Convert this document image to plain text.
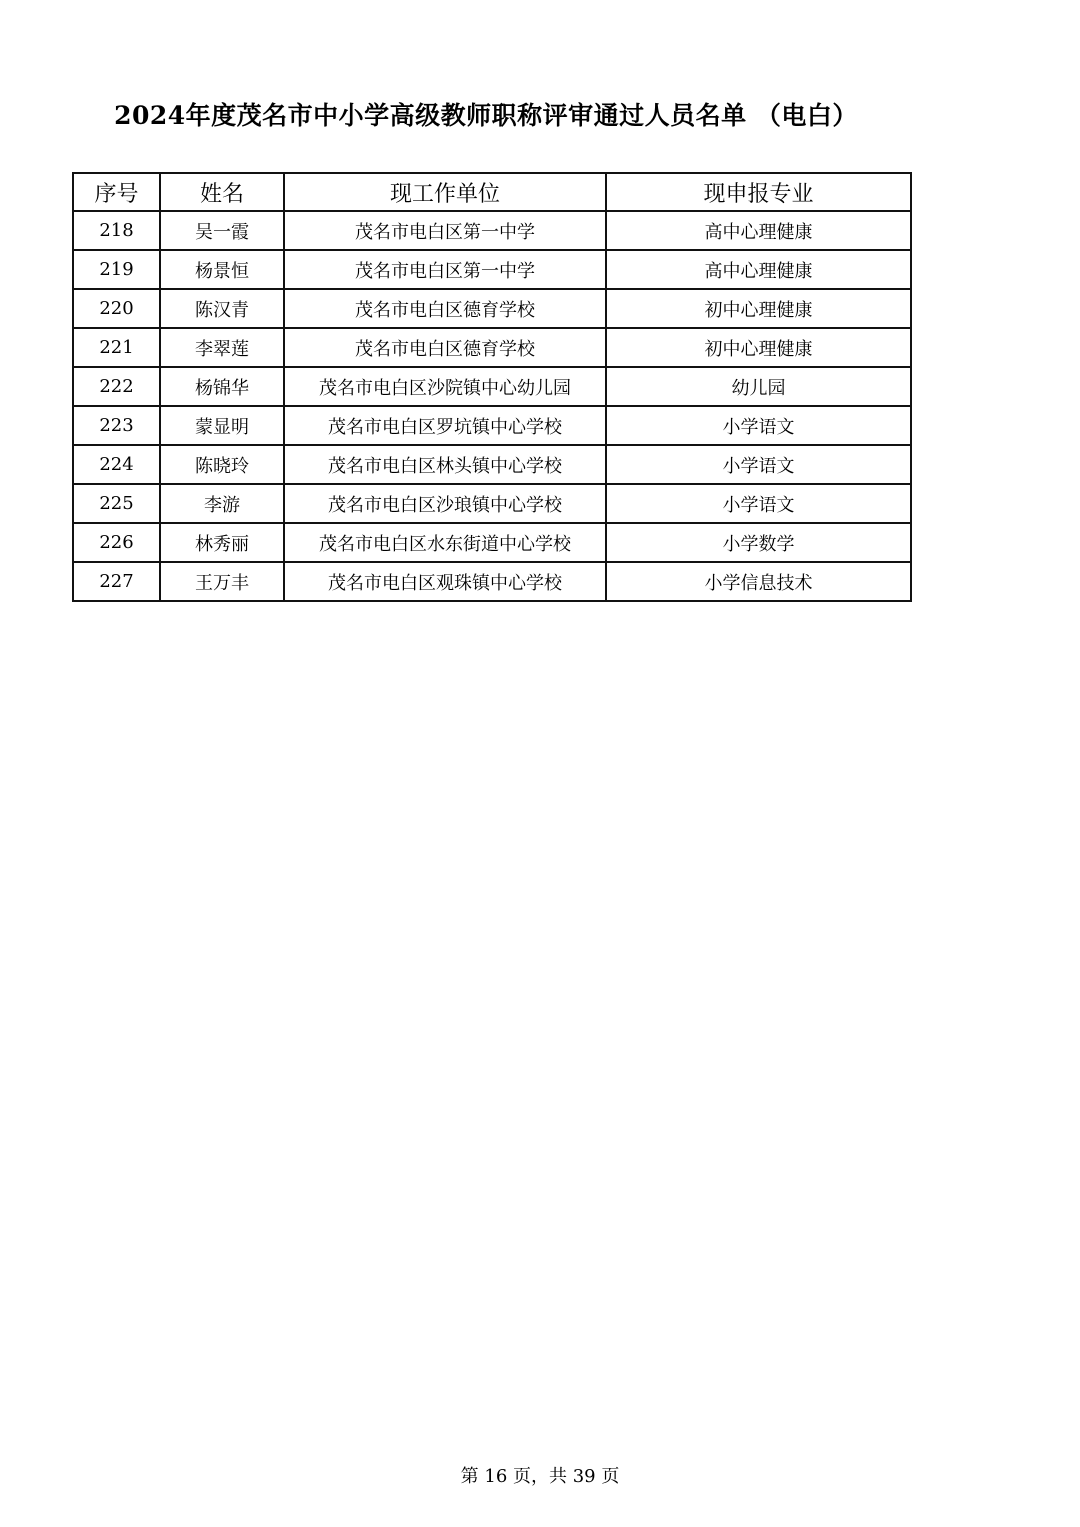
2024年度茂名市中小学高级教师职称评审通过人员名单 （电白）
序号	姓名	现工作单位	现申报专业
218	吴一霞	茂名市电白区第一中学	高中心理健康
219	杨景恒	茂名市电白区第一中学	高中心理健康
220	陈汉青	茂名市电白区德育学校	初中心理健康
221	李翠莲	茂名市电白区德育学校	初中心理健康
222	杨锦华	茂名市电白区沙院镇中心幼儿园	幼儿园
223	蒙显明	茂名市电白区罗坑镇中心学校	小学语文
224	陈晓玲	茂名市电白区林头镇中心学校	小学语文
225	李游	茂名市电白区沙琅镇中心学校	小学语文
226	林秀丽	茂名市电白区水东街道中心学校	小学数学
227	王万丰	茂名市电白区观珠镇中心学校	小学信息技术
第 16 页，共 39 页
